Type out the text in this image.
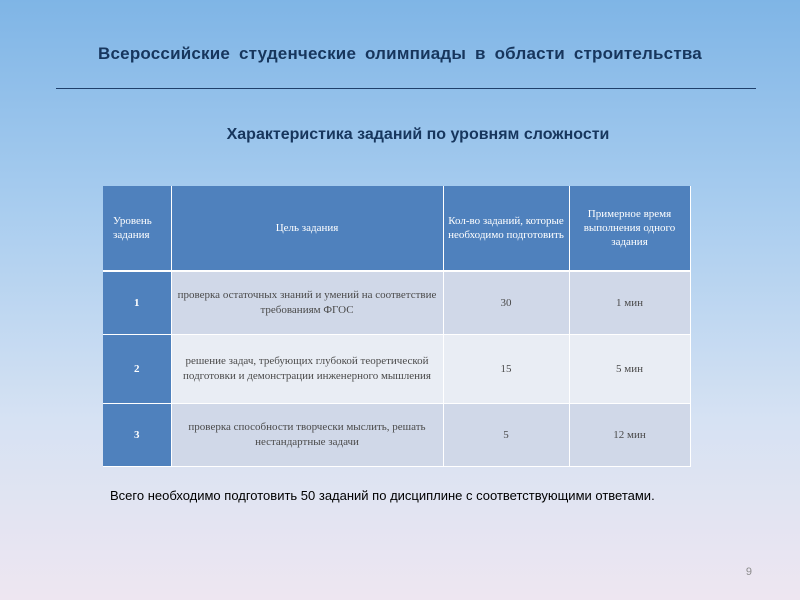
Всероссийские студенческие олимпиады в области строительства
Характеристика заданий по уровням сложности
Уровень задания	Цель задания	Кол-во заданий, которые необходимо подготовить	Примерное время выполнения одного задания
1	проверка остаточных знаний и умений на соответствие требованиям ФГОС	30	1 мин
2	решение задач, требующих глубокой теоретической подготовки и демонстрации инженерного мышления	15	5 мин
3	проверка способности творчески мыслить, решать нестандартные задачи	5	12 мин
Всего необходимо подготовить 50 заданий по дисциплине с соответствующими ответами.
9
